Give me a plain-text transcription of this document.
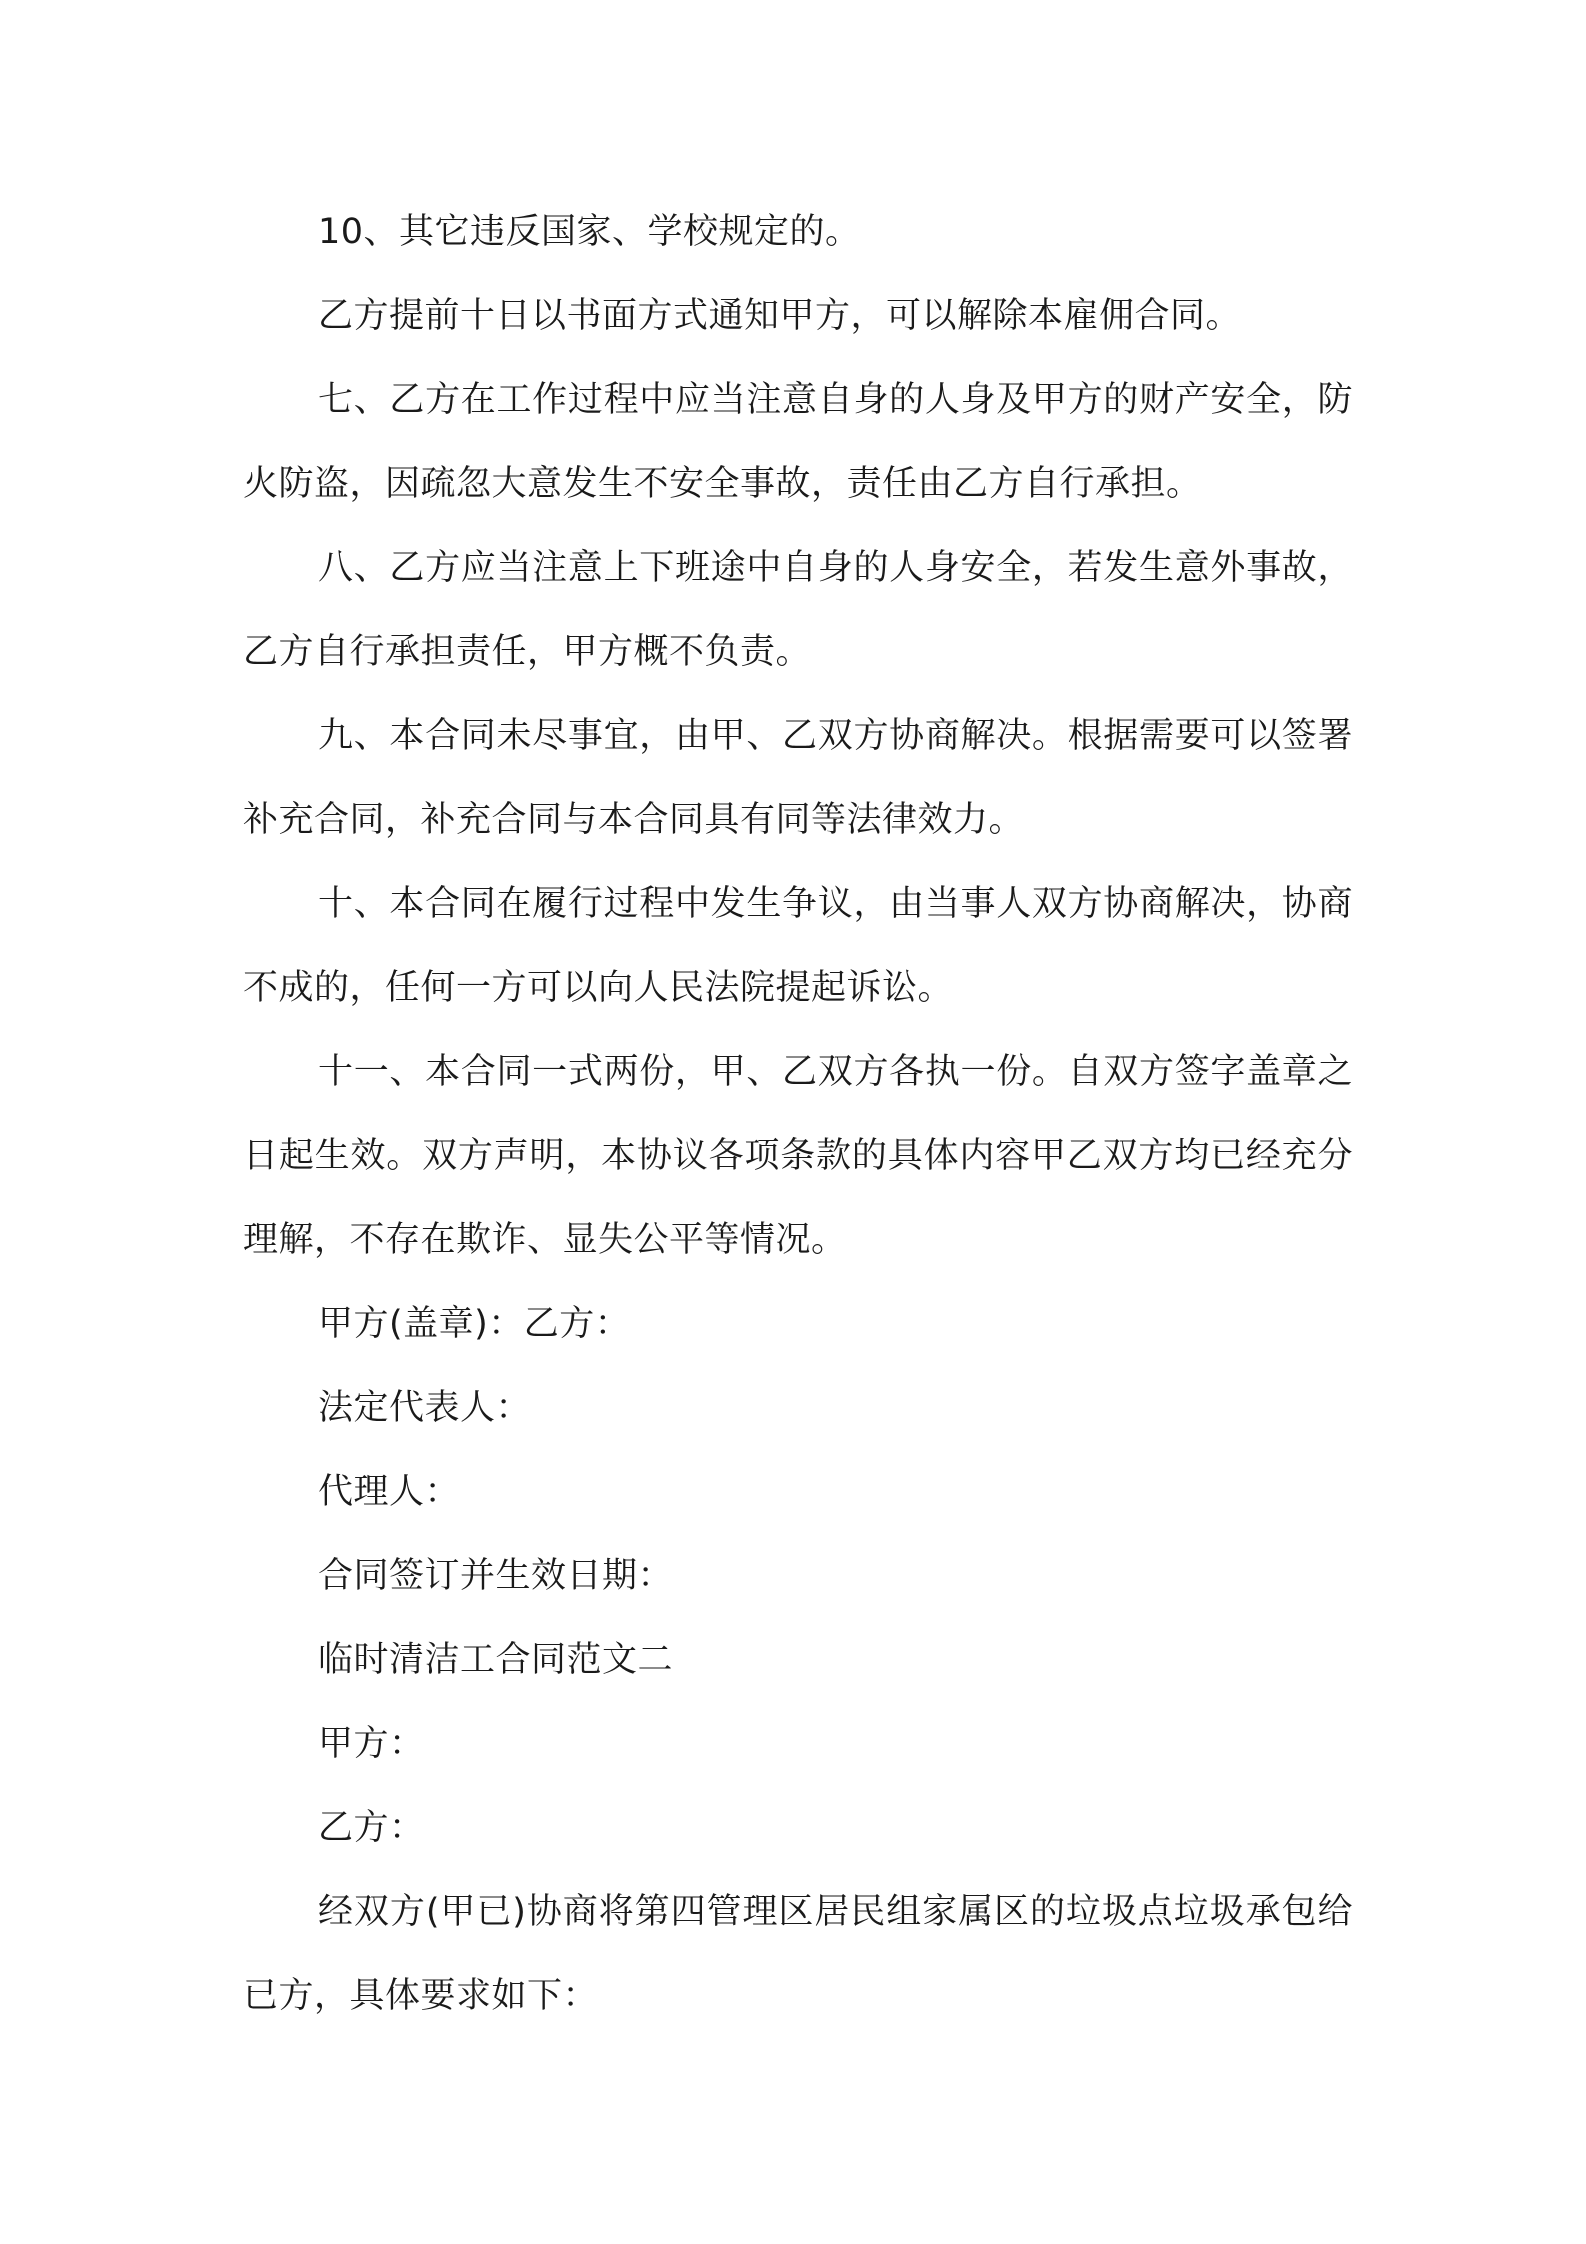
10、其它违反国家、学校规定的。

乙方提前十日以书面方式通知甲方，可以解除本雇佣合同。

七、乙方在工作过程中应当注意自身的人身及甲方的财产安全，防火防盗，因疏忽大意发生不安全事故，责任由乙方自行承担。

八、乙方应当注意上下班途中自身的人身安全，若发生意外事故，乙方自行承担责任，甲方概不负责。

九、本合同未尽事宜，由甲、乙双方协商解决。根据需要可以签署补充合同，补充合同与本合同具有同等法律效力。

十、本合同在履行过程中发生争议，由当事人双方协商解决，协商不成的，任何一方可以向人民法院提起诉讼。

十一、本合同一式两份，甲、乙双方各执一份。自双方签字盖章之日起生效。双方声明，本协议各项条款的具体内容甲乙双方均已经充分理解，不存在欺诈、显失公平等情况。

甲方(盖章)：乙方：

法定代表人：

代理人：

合同签订并生效日期：

临时清洁工合同范文二

甲方：

乙方：

经双方(甲已)协商将第四管理区居民组家属区的垃圾点垃圾承包给已方，具体要求如下：
